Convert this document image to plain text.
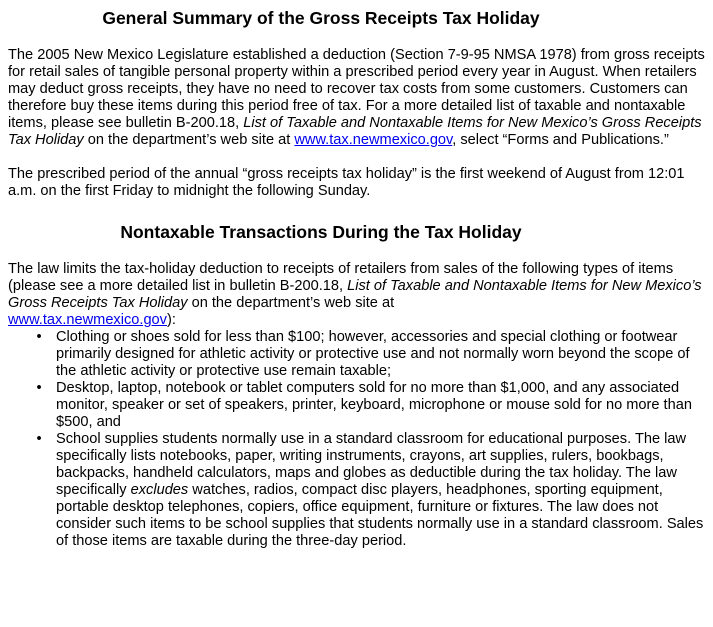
General Summary of the Gross Receipts Tax Holiday

The 2005 New Mexico Legislature established a deduction (Section 7-9-95 NMSA 1978) from gross receipts for retail sales of tangible personal property within a prescribed period every year in August. When retailers may deduct gross receipts, they have no need to recover tax costs from some customers. Customers can therefore buy these items during this period free of tax. For a more detailed list of taxable and nontaxable items, please see bulletin B-200.18, List of Taxable and Nontaxable Items for New Mexico’s Gross Receipts Tax Holiday on the department’s web site at www.tax.newmexico.gov, select “Forms and Publications.”

The prescribed period of the annual “gross receipts tax holiday” is the first weekend of August from 12:01 a.m. on the first Friday to midnight the following Sunday.

Nontaxable Transactions During the Tax Holiday

The law limits the tax-holiday deduction to receipts of retailers from sales of the following types of items (please see a more detailed list in bulletin B-200.18, List of Taxable and Nontaxable Items for New Mexico’s Gross Receipts Tax Holiday on the department’s web site at
www.tax.newmexico.gov):

• Clothing or shoes sold for less than $100; however, accessories and special clothing or footwear primarily designed for athletic activity or protective use and not normally worn beyond the scope of the athletic activity or protective use remain taxable;
• Desktop, laptop, notebook or tablet computers sold for no more than $1,000, and any associated monitor, speaker or set of speakers, printer, keyboard, microphone or mouse sold for no more than $500, and
• School supplies students normally use in a standard classroom for educational purposes. The law specifically lists notebooks, paper, writing instruments, crayons, art supplies, rulers, bookbags, backpacks, handheld calculators, maps and globes as deductible during the tax holiday. The law specifically excludes watches, radios, compact disc players, headphones, sporting equipment, portable desktop telephones, copiers, office equipment, furniture or fixtures. The law does not consider such items to be school supplies that students normally use in a standard classroom. Sales of those items are taxable during the three-day period.
